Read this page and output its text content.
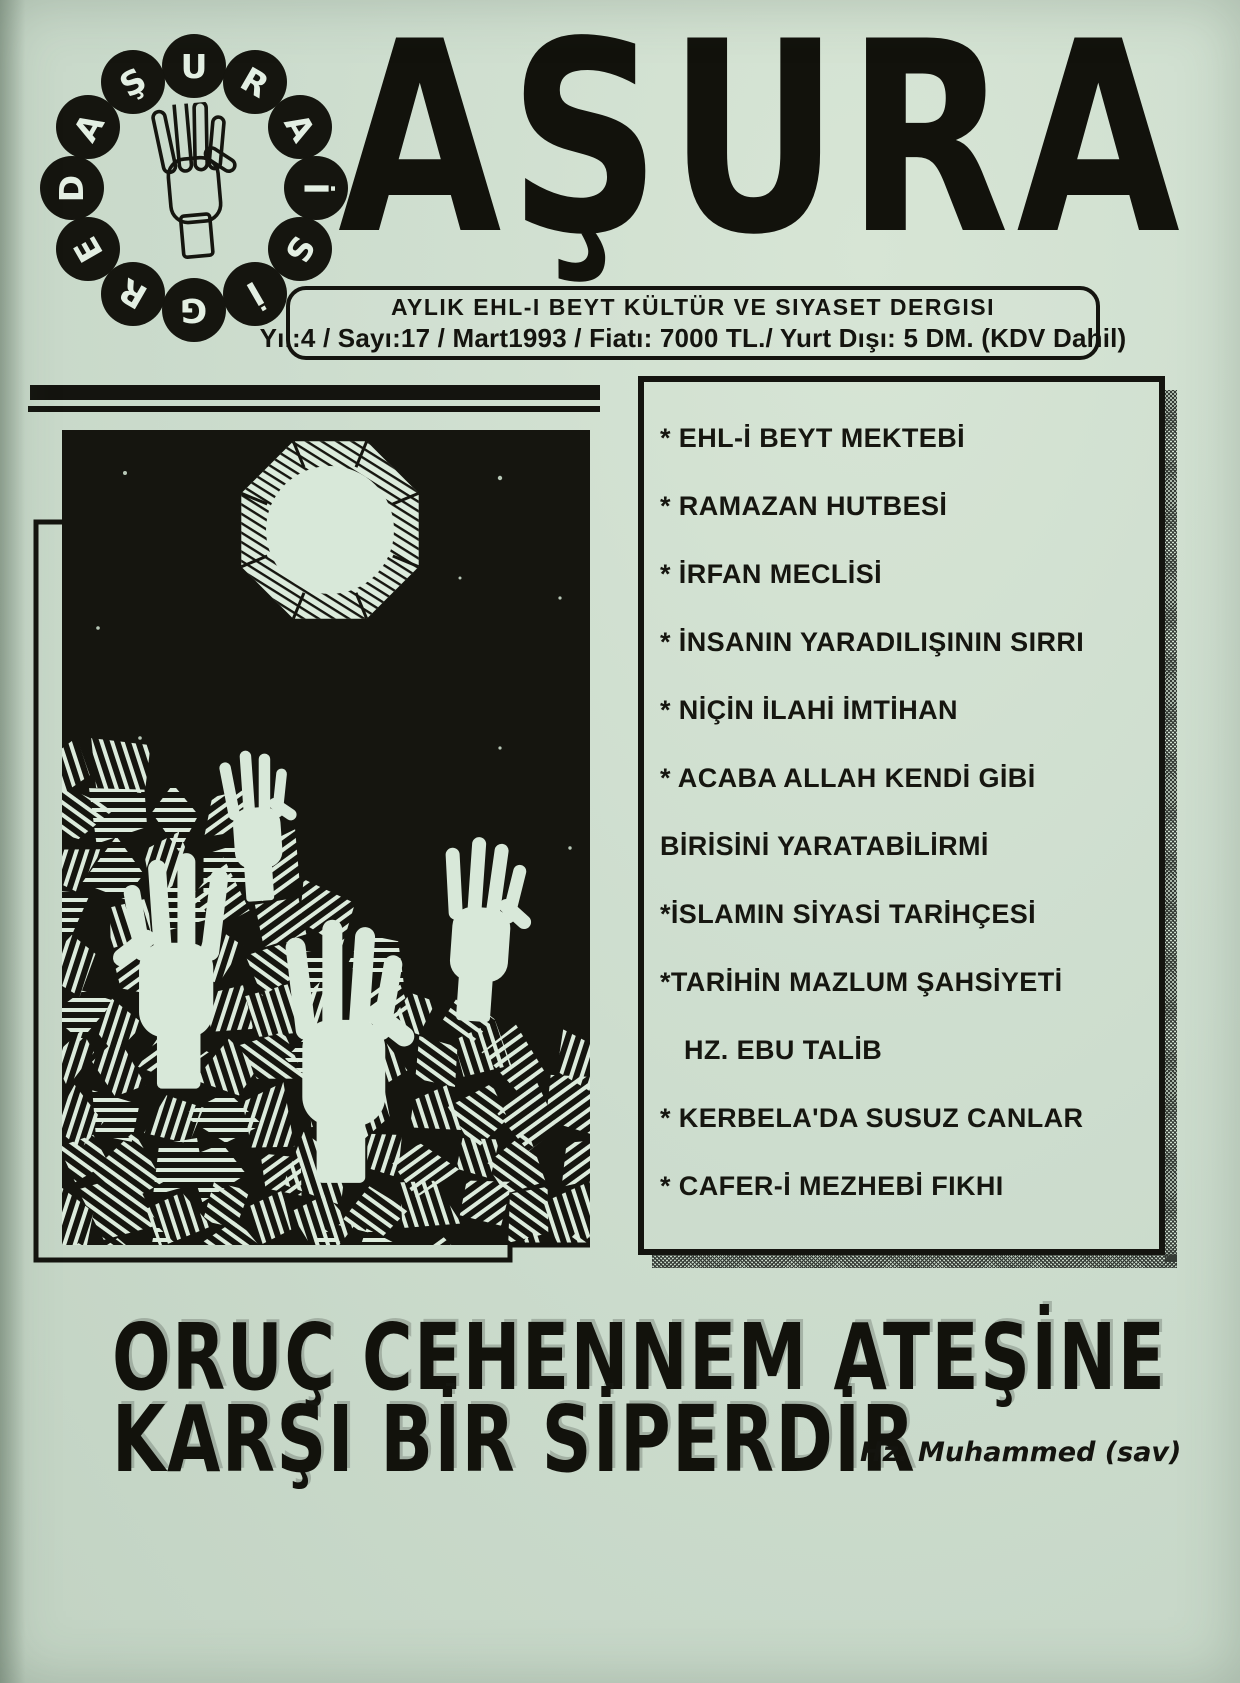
U R
A
İ
S
İ
G
R
E
D
A
Ş AŞURA
AYLIK EHL-I BEYT KÜLTÜR VE SIYASET DERGISI
Yıl:4 / Sayı:17 / Mart1993 / Fiatı: 7000 TL./ Yurt Dışı: 5 DM. (KDV Dahil)
* EHL-İ BEYT MEKTEBİ
* RAMAZAN HUTBESİ
* İRFAN MECLİSİ
* İNSANIN YARADILIŞININ SIRRI
* NİÇİN İLAHİ İMTİHAN
* ACABA ALLAH KENDİ GİBİ
BİRİSİNİ YARATABİLİRMİ
*İSLAMIN SİYASİ TARİHÇESİ
*TARİHİN MAZLUM ŞAHSİYETİ
HZ. EBU TALİB
* KERBELA'DA SUSUZ CANLAR
* CAFER-İ MEZHEBİ FIKHI
ORUÇ CEHENNEM ATEŞİNE
KARŞI BİR SİPERDİR
Hz. Muhammed (sav)
